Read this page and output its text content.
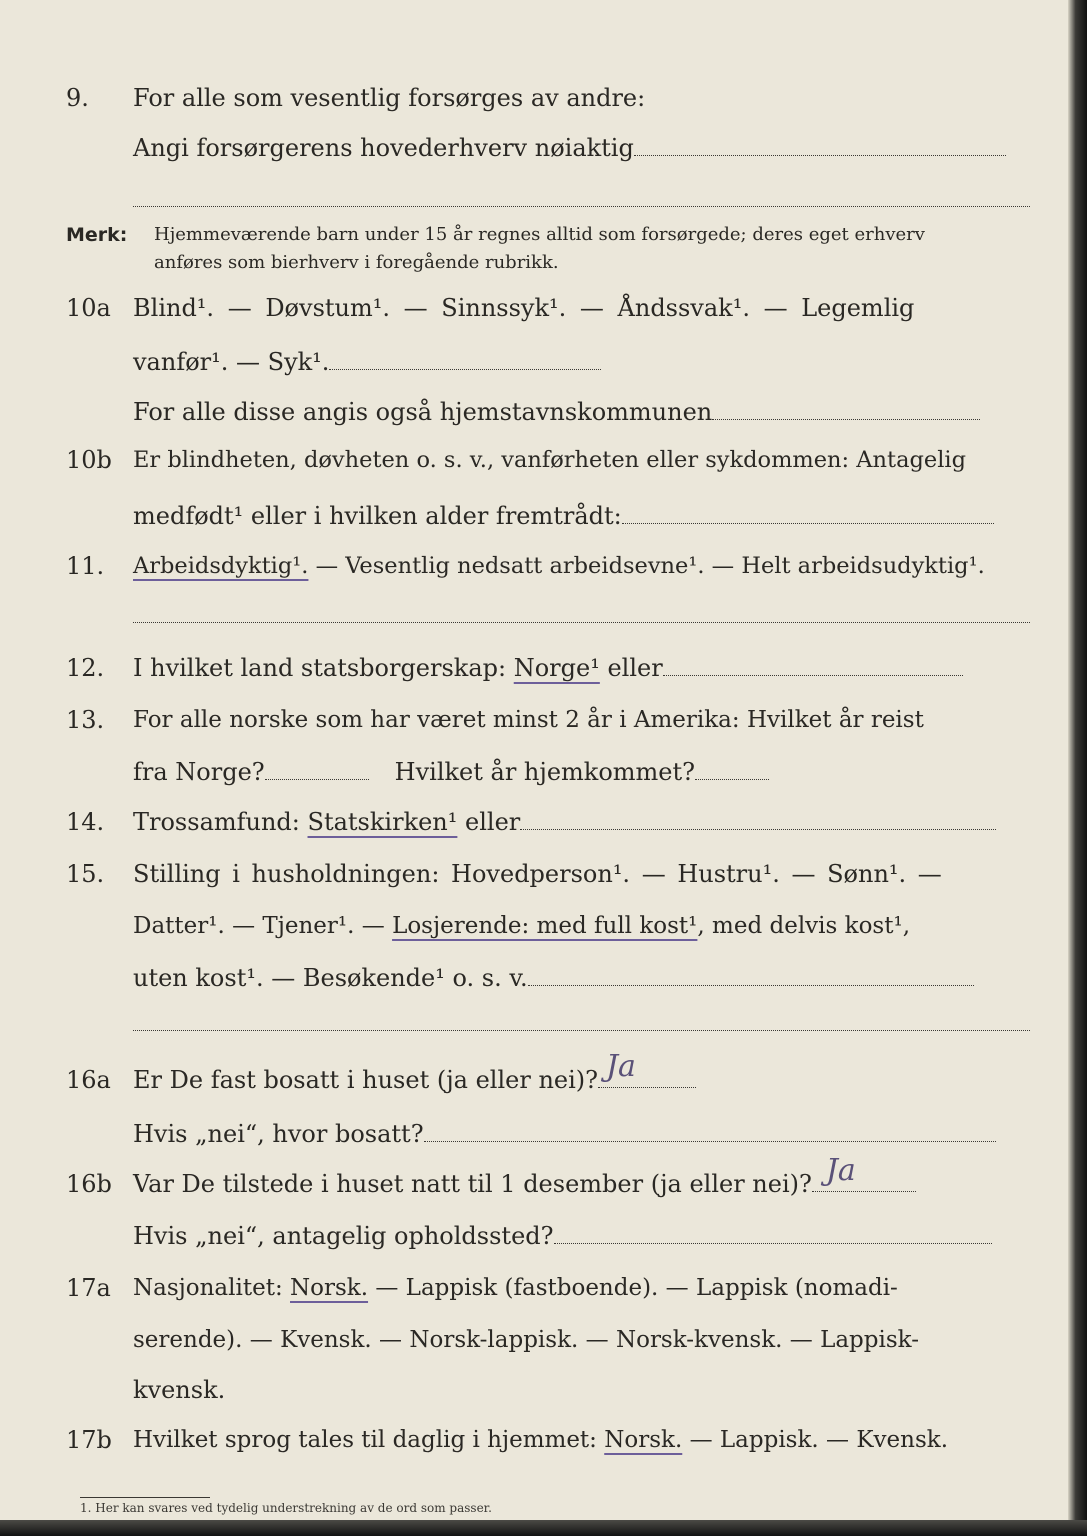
9. For alle som vesentlig forsørges av andre:
Angi forsørgerens hovederhverv nøiaktig
Merk: Hjemmeværende barn under 15 år regnes alltid som forsørgede; deres eget erhverv
anføres som bierhverv i foregående rubrikk.
10a Blind¹. — Døvstum¹. — Sinnssyk¹. — Åndssvak¹. — Legemlig
vanfør¹. — Syk¹.
For alle disse angis også hjemstavnskommunen
10b Er blindheten, døvheten o. s. v., vanførheten eller sykdommen: Antagelig
medfødt¹ eller i hvilken alder fremtrådt:
11. Arbeidsdyktig¹. — Vesentlig nedsatt arbeidsevne¹. — Helt arbeidsudyktig¹.
12. I hvilket land statsborgerskap: Norge¹ eller
13. For alle norske som har været minst 2 år i Amerika: Hvilket år reist
fra Norge?	Hvilket år hjemkommet?
14. Trossamfund: Statskirken¹ eller
15. Stilling i husholdningen: Hovedperson¹. — Hustru¹. — Sønn¹. —
Datter¹. — Tjener¹. — Losjerende: med full kost¹, med delvis kost¹,
uten kost¹. — Besøkende¹ o. s. v.
16a Er De fast bosatt i huset (ja eller nei)? Ja
Hvis „nei“, hvor bosatt?
16b Var De tilstede i huset natt til 1 desember (ja eller nei)? Ja
Hvis „nei“, antagelig opholdssted?
17a Nasjonalitet: Norsk. — Lappisk (fastboende). — Lappisk (nomadi-
serende). — Kvensk. — Norsk-lappisk. — Norsk-kvensk. — Lappisk-
kvensk.
17b Hvilket sprog tales til daglig i hjemmet: Norsk. — Lappisk. — Kvensk.
1. Her kan svares ved tydelig understrekning av de ord som passer.
